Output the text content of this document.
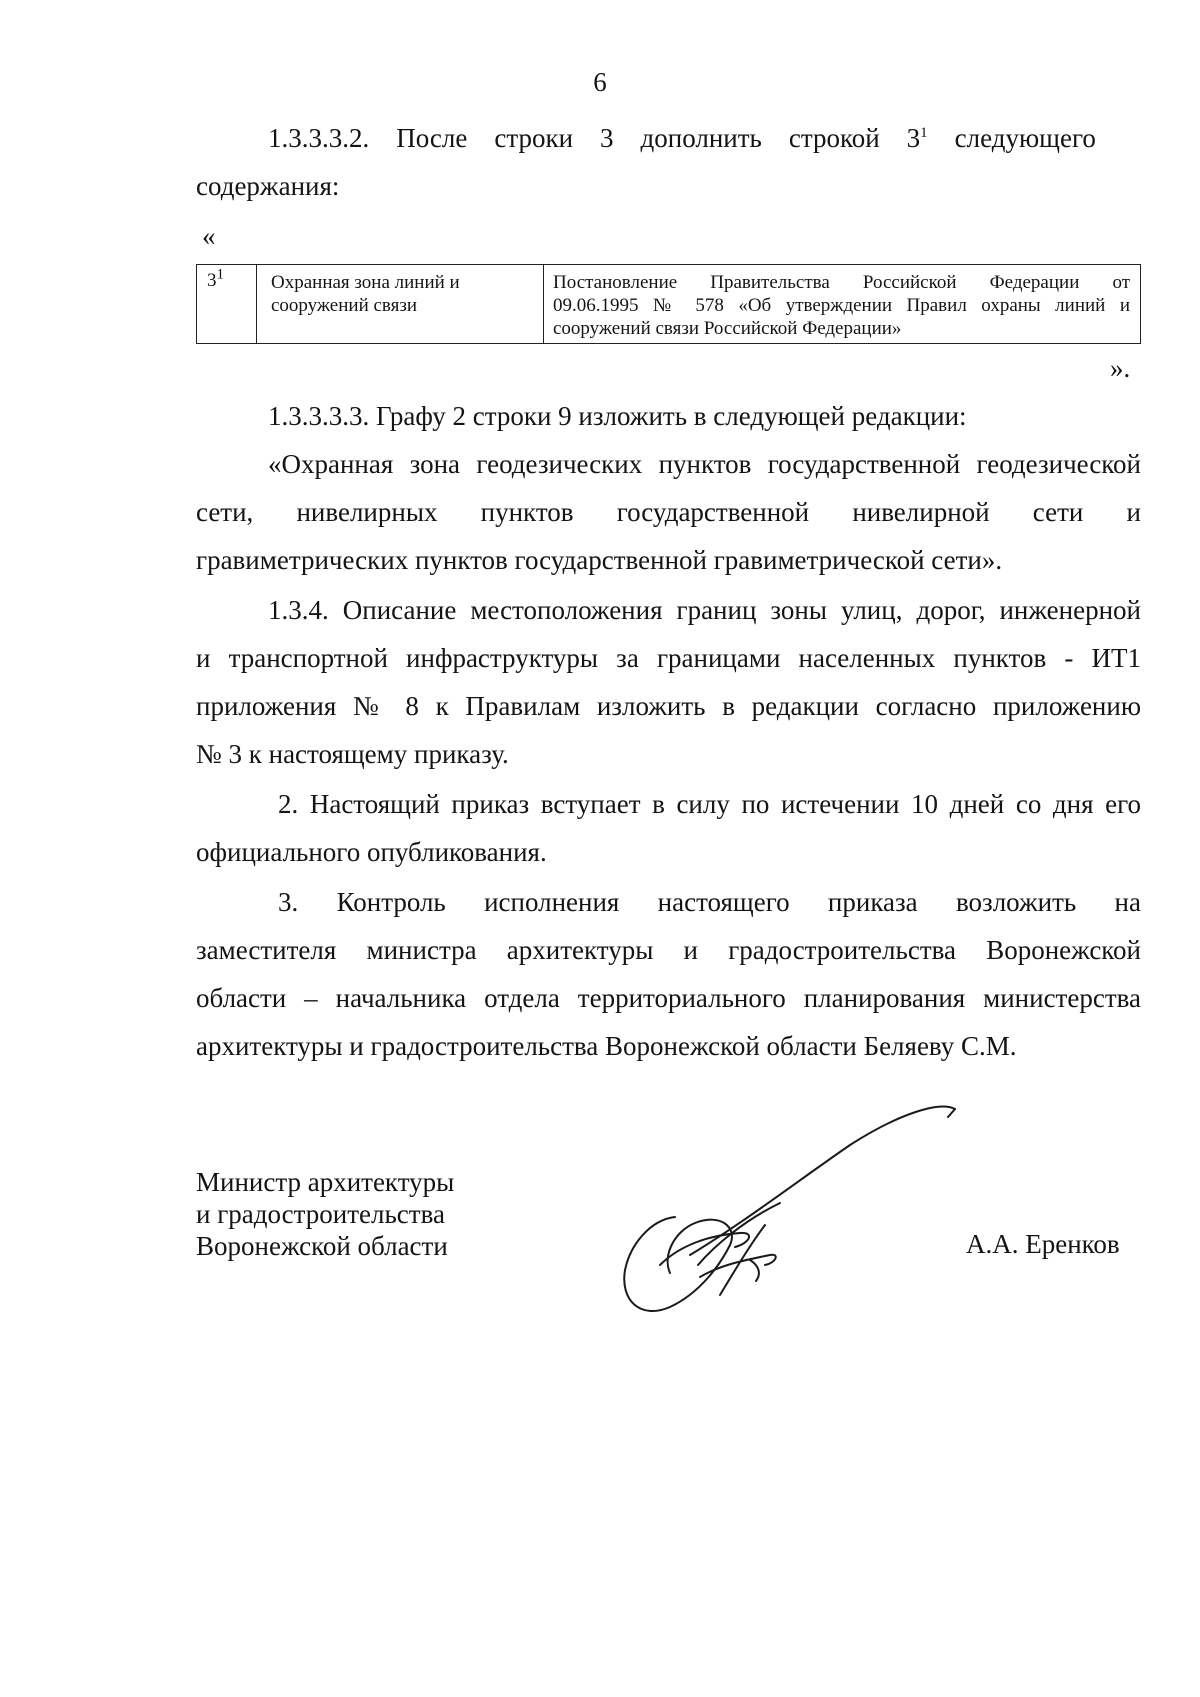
6
1.3.3.3.2.    После    строки    3    дополнить    строкой    $3^1$    следующего
содержания:
«
$3^1$ Охранная зона линий и
сооружений связи
Постановление Правительства Российской Федерации от
09.06.1995 № 578 «Об утверждении Правил охраны линий и
сооружений связи Российской Федерации»
».
1.3.3.3.3. Графу 2 строки 9 изложить в следующей редакции:
«Охранная зона геодезических пунктов государственной геодезической
сети, нивелирных пунктов государственной нивелирной сети и
гравиметрических пунктов государственной гравиметрической сети».
1.3.4. Описание местоположения границ зоны улиц, дорог, инженерной
и транспортной инфраструктуры за границами населенных пунктов - ИТ1
приложения № 8 к Правилам изложить в редакции согласно приложению
№ 3 к настоящему приказу.
2. Настоящий приказ вступает в силу по истечении 10 дней со дня его
официального опубликования.
3. Контроль исполнения настоящего приказа возложить на
заместителя министра архитектуры и градостроительства Воронежской
области – начальника отдела территориального планирования министерства
архитектуры и градостроительства Воронежской области Беляеву С.М.
Министр архитектуры
и градостроительства
Воронежской области	А.А. Еренков
